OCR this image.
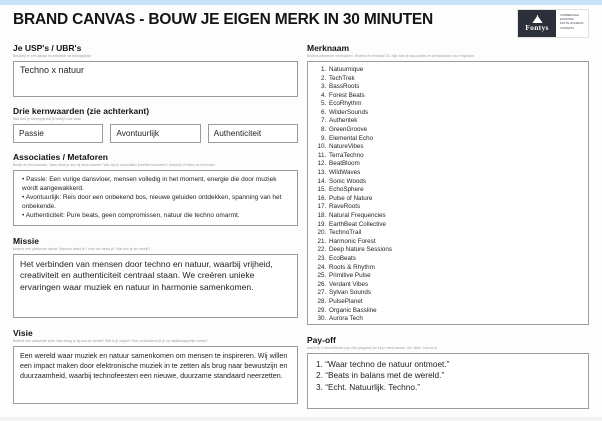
BRAND CANVAS - BOUW JE EIGEN MERK IN 30 MINUTEN	Fontys
COMMERCIELE
ECONOMIE
DIGITAL BUSINESS
CONCEPTS
Je USP's / UBR's
Beschrijf er een aantal en selecteer de belangrijkste
Techno x natuur
Drie kernwaarden (zie achterkant)
Wat vind je belangrijk dat je bedrijf voor staat
Passie	Avontuurlijk	Authenticiteit
Associaties / Metaforen
Bekijk de kernwaarden. Waar denk je aan bij deze waarde? Wat zijn je associaties (beelden/woorden)? beschrijf of teken ze hieronder

• Passie: Een vurige dansvloer, mensen volledig in het moment, energie die door muziek wordt aangewakkerd.

• Avontuurlijk: Reis door een onbekend bos, nieuwe geluiden ontdekken, spanning van het onbekende.

• Authenticiteit: Pure beats, geen compromissen, natuur die techno omarmt.

Missie
Bedenk een passende missie. Waarom besta je? Voor wie besta je? Wat doe je als bedrijf?
Het verbinden van mensen door techno en natuur, waarbij vrijheid, creativiteit en authenticiteit centraal staan. We creëren unieke ervaringen waar muziek en natuur in harmonie samenkomen.
Visie
Bedenk een passende visie. Wat draag je bij aan de wereld? Wat is je impact? Hoe onderscheid je je op maatschappelijk niveau?
Een wereld waar muziek en natuur samenkomen om mensen te inspireren. Wij willen een impact maken door elektronische muziek in te zetten als brug naar bewustzijn en duurzaamheid, waarbij technofeesten een nieuwe, duurzame standaard neerzetten.
Merknaam
Bedenk passende merknamen. Bedenk er minimaal 30. Kijk naar je associaties en kernwaarden voor inspiratie.
1. Natuurnique
2. TechTrek
3. BassRoots
4. Forest Beats
5. EcoRhythm
6. WilderSounds
7. Authentek
8. GreenGroove
9. Elemental Echo
10. NatureVibes
11. TerraTechno
12. BeatBloom
13. WildWaves
14. Sonic Woods
15. EchoSphere
16. Pulse of Nature
17. RaveRoots
18. Natural Frequencies
19. EarthBeat Collective
20. TechnoTrail
21. Harmonic Forest
22. Deep Nature Sessions
23. EcoBeats
24. Roots & Rhythm
25. Primitive Pulse
26. Verdant Vibes
27. Sylvan Sounds
28. PulsePlanet
29. Organic Bassline
30. Aurora Tech
Pay-off
beschrijf 3 verschillende pay-offs (slogans) die bij je merk passen. (bv. Nike: Just do it)
1. “Waar techno de natuur ontmoet.”
2. “Beats in balans met de wereld.”
3. “Echt. Natuurlijk. Techno.”
